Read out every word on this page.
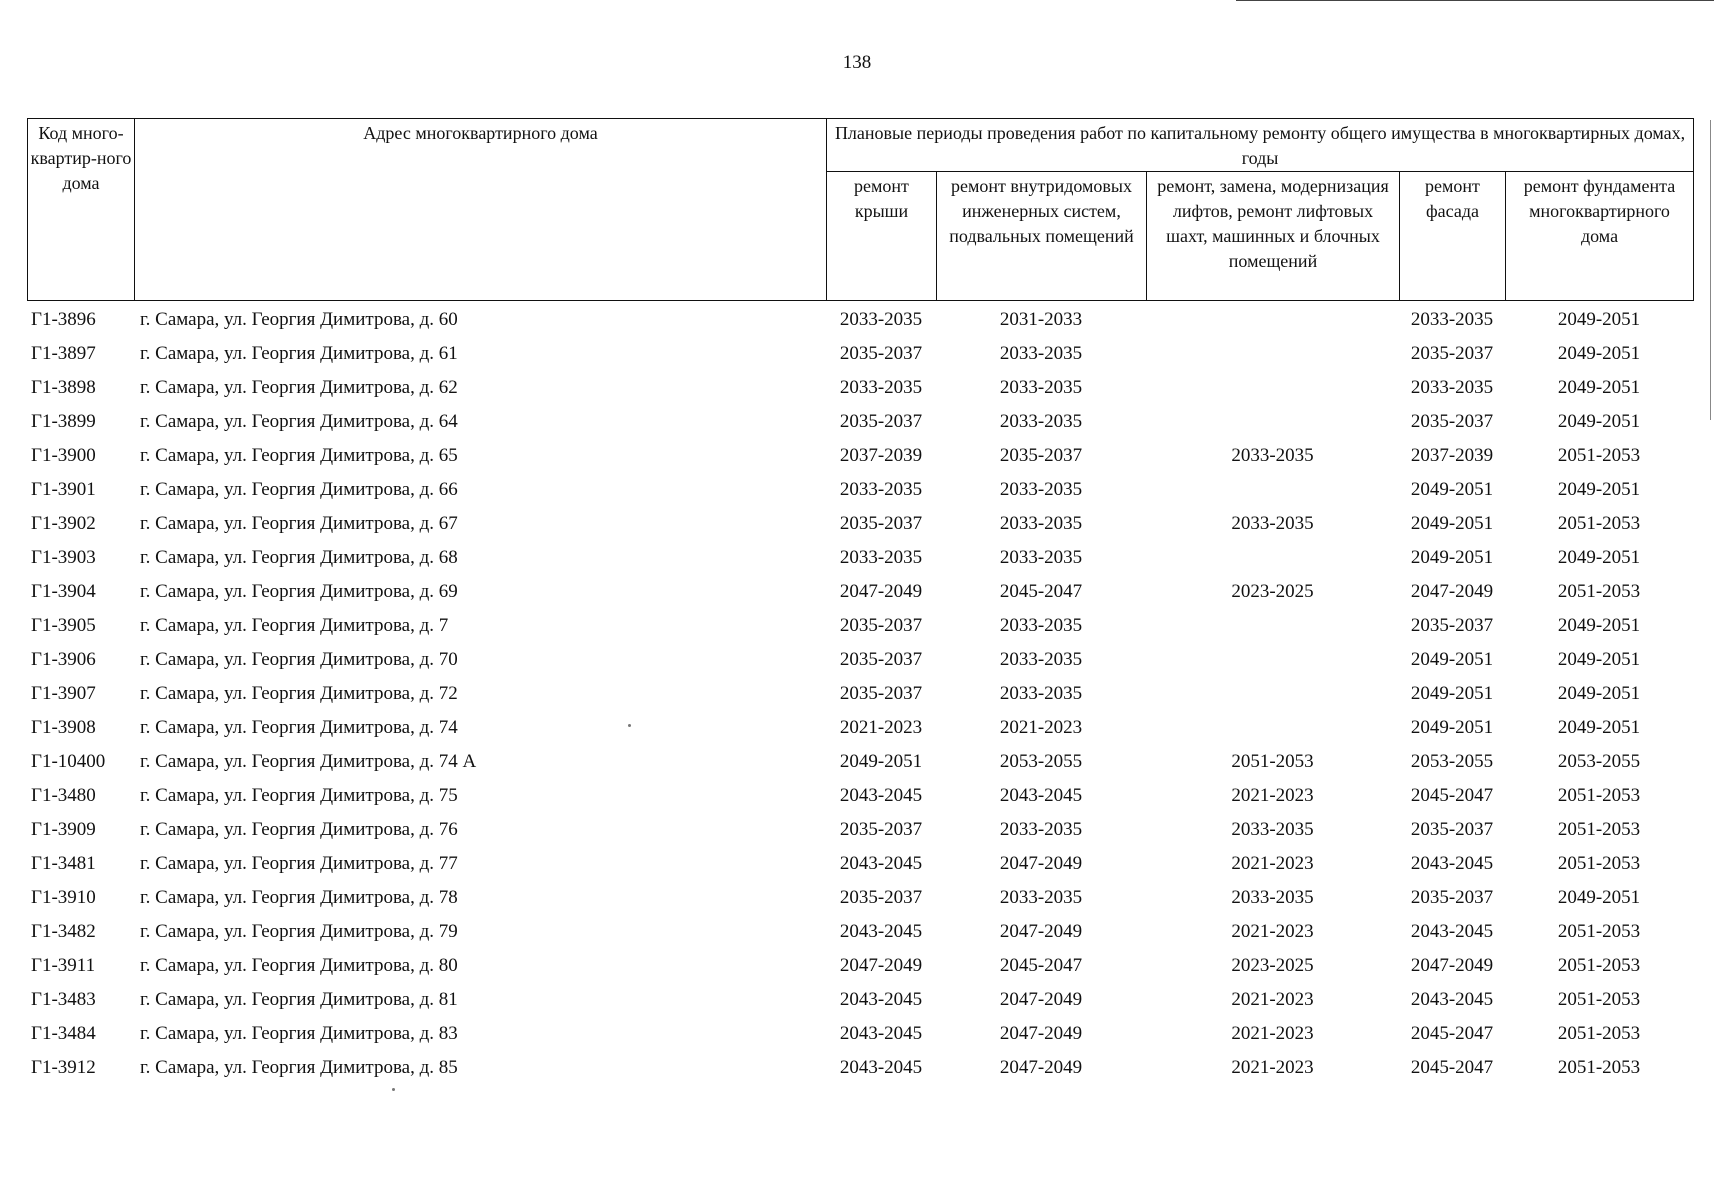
138
Код много-квартир-ного дома	Адрес многоквартирного дома	Плановые периоды проведения работ по капитальному ремонту общего имущества в многоквартирных домах, годы				
		ремонт крыши	ремонт внутридомовых инженерных систем, подвальных помещений	ремонт, замена, модернизация лифтов, ремонт лифтовых шахт, машинных и блочных помещений	ремонт фасада	ремонт фундамента многоквартирного дома
Г1-3896	г. Самара, ул. Георгия Димитрова, д. 60	2033-2035	2031-2033		2033-2035	2049-2051
Г1-3897	г. Самара, ул. Георгия Димитрова, д. 61	2035-2037	2033-2035		2035-2037	2049-2051
Г1-3898	г. Самара, ул. Георгия Димитрова, д. 62	2033-2035	2033-2035		2033-2035	2049-2051
Г1-3899	г. Самара, ул. Георгия Димитрова, д. 64	2035-2037	2033-2035		2035-2037	2049-2051
Г1-3900	г. Самара, ул. Георгия Димитрова, д. 65	2037-2039	2035-2037	2033-2035	2037-2039	2051-2053
Г1-3901	г. Самара, ул. Георгия Димитрова, д. 66	2033-2035	2033-2035		2049-2051	2049-2051
Г1-3902	г. Самара, ул. Георгия Димитрова, д. 67	2035-2037	2033-2035	2033-2035	2049-2051	2051-2053
Г1-3903	г. Самара, ул. Георгия Димитрова, д. 68	2033-2035	2033-2035		2049-2051	2049-2051
Г1-3904	г. Самара, ул. Георгия Димитрова, д. 69	2047-2049	2045-2047	2023-2025	2047-2049	2051-2053
Г1-3905	г. Самара, ул. Георгия Димитрова, д. 7	2035-2037	2033-2035		2035-2037	2049-2051
Г1-3906	г. Самара, ул. Георгия Димитрова, д. 70	2035-2037	2033-2035		2049-2051	2049-2051
Г1-3907	г. Самара, ул. Георгия Димитрова, д. 72	2035-2037	2033-2035		2049-2051	2049-2051
Г1-3908	г. Самара, ул. Георгия Димитрова, д. 74	2021-2023	2021-2023		2049-2051	2049-2051
Г1-10400	г. Самара, ул. Георгия Димитрова, д. 74 А	2049-2051	2053-2055	2051-2053	2053-2055	2053-2055
Г1-3480	г. Самара, ул. Георгия Димитрова, д. 75	2043-2045	2043-2045	2021-2023	2045-2047	2051-2053
Г1-3909	г. Самара, ул. Георгия Димитрова, д. 76	2035-2037	2033-2035	2033-2035	2035-2037	2051-2053
Г1-3481	г. Самара, ул. Георгия Димитрова, д. 77	2043-2045	2047-2049	2021-2023	2043-2045	2051-2053
Г1-3910	г. Самара, ул. Георгия Димитрова, д. 78	2035-2037	2033-2035	2033-2035	2035-2037	2049-2051
Г1-3482	г. Самара, ул. Георгия Димитрова, д. 79	2043-2045	2047-2049	2021-2023	2043-2045	2051-2053
Г1-3911	г. Самара, ул. Георгия Димитрова, д. 80	2047-2049	2045-2047	2023-2025	2047-2049	2051-2053
Г1-3483	г. Самара, ул. Георгия Димитрова, д. 81	2043-2045	2047-2049	2021-2023	2043-2045	2051-2053
Г1-3484	г. Самара, ул. Георгия Димитрова, д. 83	2043-2045	2047-2049	2021-2023	2045-2047	2051-2053
Г1-3912	г. Самара, ул. Георгия Димитрова, д. 85	2043-2045	2047-2049	2021-2023	2045-2047	2051-2053
